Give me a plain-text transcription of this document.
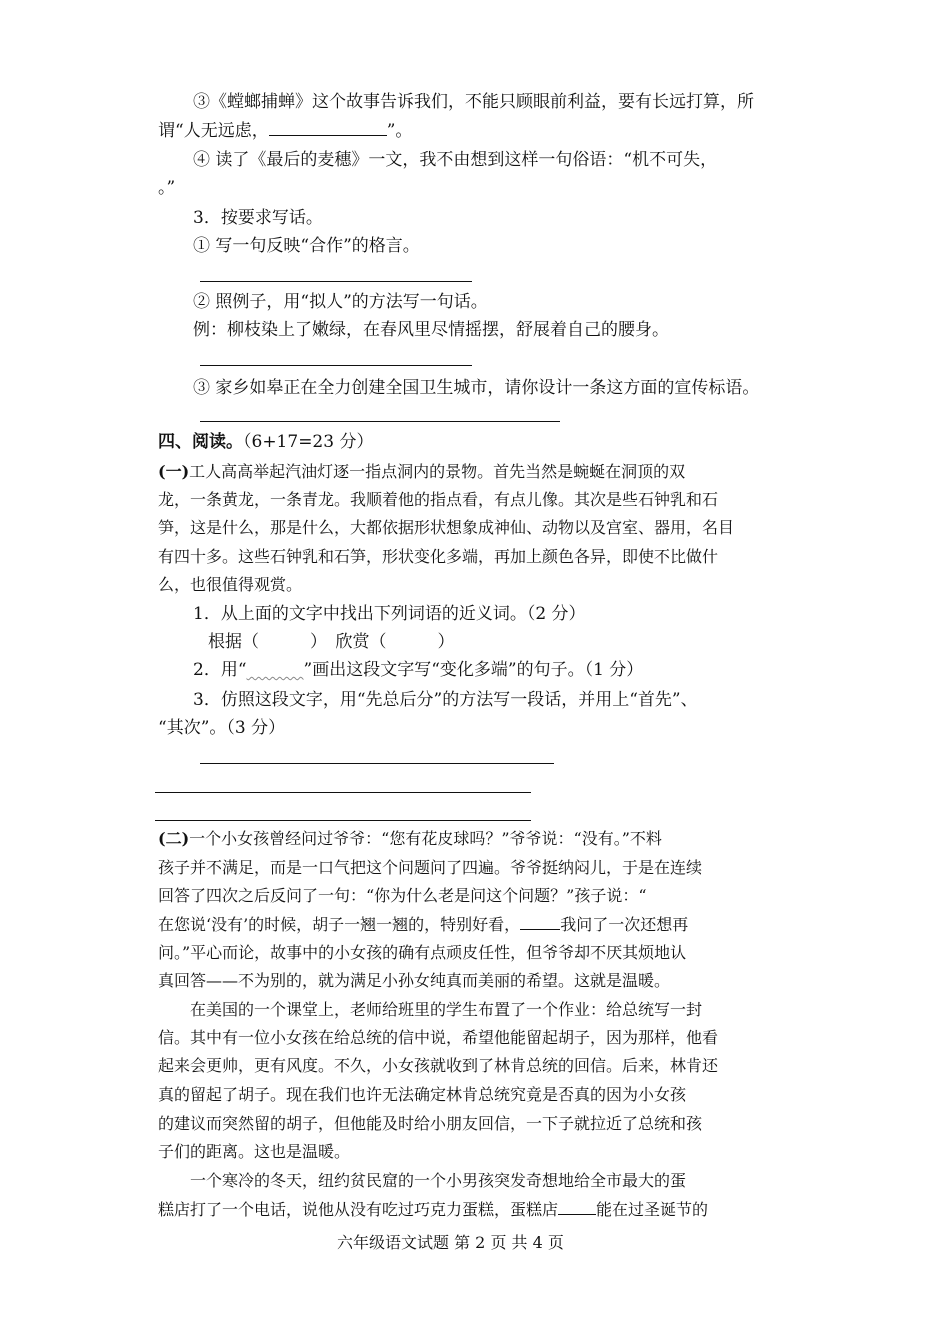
③《螳螂捕蝉》这个故事告诉我们，不能只顾眼前利益，要有长远打算，所
谓“人无远虑，	”。
④ 读了《最后的麦穗》一文，我不由想到这样一句俗语：“机不可失，
。”
3．按要求写话。
① 写一句反映“合作”的格言。
② 照例子，用“拟人”的方法写一句话。
例：柳枝染上了嫩绿，在春风里尽情摇摆，舒展着自己的腰身。
③ 家乡如皋正在全力创建全国卫生城市，请你设计一条这方面的宣传标语。
四、阅读。（6+17=23 分）
(一)工人高高举起汽油灯逐一指点洞内的景物。首先当然是蜿蜒在洞顶的双
龙，一条黄龙，一条青龙。我顺着他的指点看，有点儿像。其次是些石钟乳和石
笋，这是什么，那是什么，大都依据形状想象成神仙、动物以及宫室、器用，名目
有四十多。这些石钟乳和石笋，形状变化多端，再加上颜色各异，即使不比做什
么，也很值得观赏。
1．从上面的文字中找出下列词语的近义词。（2 分）
根据（　　　）　欣赏（　　　）
2．用“	”画出这段文字写“变化多端”的句子。（1 分）
3．仿照这段文字，用“先总后分”的方法写一段话，并用上“首先”、
“其次”。（3 分）
(二)一个小女孩曾经问过爷爷：“您有花皮球吗？”爷爷说：“没有。”不料
孩子并不满足，而是一口气把这个问题问了四遍。爷爷挺纳闷儿，于是在连续
回答了四次之后反问了一句：“你为什么老是问这个问题？”孩子说：“
在您说‘没有’的时候，胡子一翘一翘的，特别好看，	我问了一次还想再
问。”平心而论，故事中的小女孩的确有点顽皮任性，但爷爷却不厌其烦地认
真回答——不为别的，就为满足小孙女纯真而美丽的希望。这就是温暖。
在美国的一个课堂上，老师给班里的学生布置了一个作业：给总统写一封
信。其中有一位小女孩在给总统的信中说，希望他能留起胡子，因为那样，他看
起来会更帅，更有风度。不久，小女孩就收到了林肯总统的回信。后来，林肯还
真的留起了胡子。现在我们也许无法确定林肯总统究竟是否真的因为小女孩
的建议而突然留的胡子，但他能及时给小朋友回信，一下子就拉近了总统和孩
子们的距离。这也是温暖。
一个寒冷的冬天，纽约贫民窟的一个小男孩突发奇想地给全市最大的蛋
糕店打了一个电话，说他从没有吃过巧克力蛋糕，蛋糕店 能在过圣诞节的
六年级语文试题 第 2 页 共 4 页
